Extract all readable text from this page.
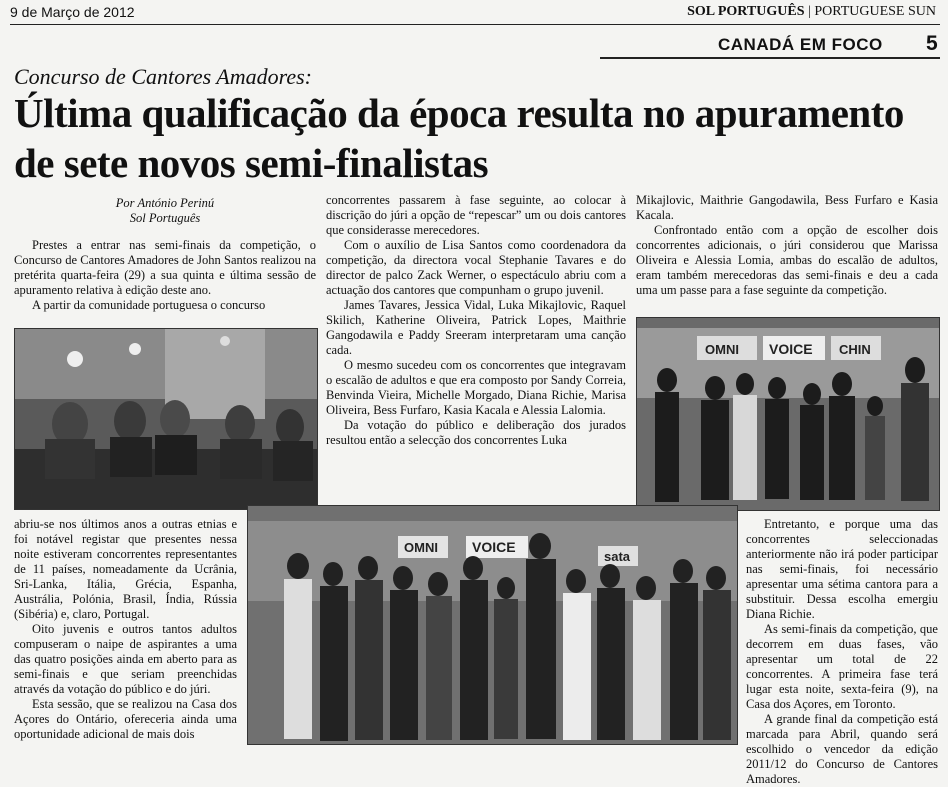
9 de Março de 2012	SOL PORTUGUÊS | PORTUGUESE SUN
CANADÁ EM FOCO 5
Concurso de Cantores Amadores:
Última qualificação da época resulta no apuramento de sete novos semi-finalistas
Por António Perinú
Sol Português

Prestes a entrar nas semi-finais da competição, o Concurso de Cantores Amadores de John Santos realizou na pretérita quarta-feira (29) a sua quinta e última sessão de apuramento relativa à edição deste ano.

A partir da comunidade portuguesa o concurso

abriu-se nos últimos anos a outras etnias e foi notável registar que presentes nessa noite estiveram concorrentes representantes de 11 países, nomeadamente da Ucrânia, Sri-Lanka, Itália, Grécia, Espanha, Austrália, Polónia, Brasil, Índia, Rússia (Sibéria) e, claro, Portugal.

Oito juvenis e outros tantos adultos compuseram o naipe de aspirantes a uma das quatro posições ainda em aberto para as semi-finais e que seriam preenchidas através da votação do público e do júri.

Esta sessão, que se realizou na Casa dos Açores do Ontário, ofereceria ainda uma oportunidade adicional de mais dois

concorrentes passarem à fase seguinte, ao colocar à discrição do júri a opção de “repescar” um ou dois cantores que considerasse merecedores.

Com o auxílio de Lisa Santos como coordenadora da competição, da directora vocal Stephanie Tavares e do director de palco Zack Werner, o espectáculo abriu com a actuação dos cantores que compunham o grupo juvenil.

James Tavares, Jessica Vidal, Luka Mikajlovic, Raquel Skilich, Katherine Oliveira, Patrick Lopes, Maithrie Gangodawila e Paddy Sreeram interpretaram uma canção cada.

O mesmo sucedeu com os concorrentes que integravam o escalão de adultos e que era composto por Sandy Correia, Benvinda Vieira, Michelle Morgado, Diana Richie, Marisa Oliveira, Bess Furfaro, Kasia Kacala e Alessia Lalomia.

Da votação do público e deliberação dos jurados resultou então a selecção dos concorrentes Luka

Mikajlovic, Maithrie Gangodawila, Bess Furfaro e Kasia Kacala.

Confrontado então com a opção de escolher dois concorrentes adicionais, o júri considerou que Marissa Oliveira e Alessia Lomia, ambas do escalão de adultos, eram também merecedoras das semi-finais e deu a cada uma um passe para a fase seguinte da competição.

OMNI VOICE CHIN
OMNI VOICE
sata

Entretanto, e porque uma das concorrentes seleccionadas anteriormente não irá poder participar nas semi-finais, foi necessário apresentar uma sétima cantora para a substituir. Dessa escolha emergiu Diana Richie.

As semi-finais da competição, que decorrem em duas fases, vão apresentar um total de 22 concorrentes. A primeira fase terá lugar esta noite, sexta-feira (9), na Casa dos Açores, em Toronto.

A grande final da competição está marcada para Abril, quando será escolhido o vencedor da edição 2011/12 do Concurso de Cantores Amadores.
